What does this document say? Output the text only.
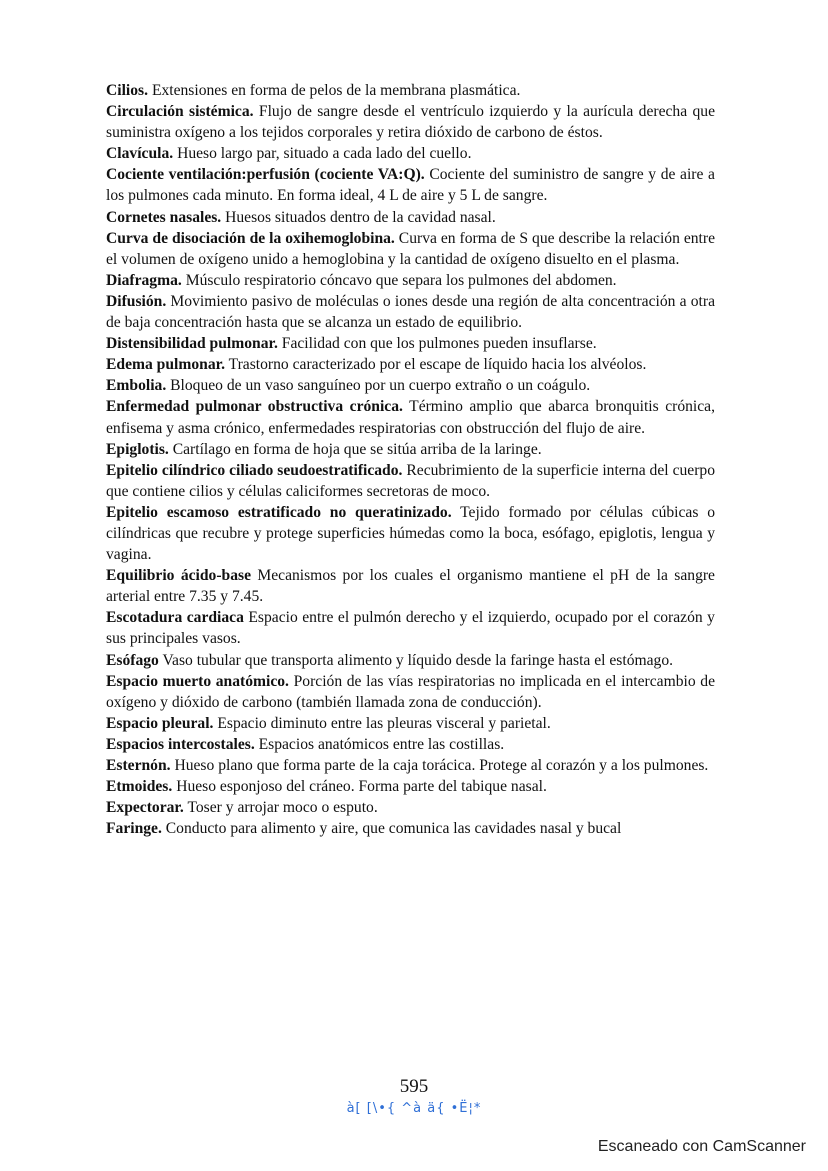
Cilios. Extensiones en forma de pelos de la membrana plasmática.

Circulación sistémica. Flujo de sangre desde el ventrículo izquierdo y la aurícula derecha que suministra oxígeno a los tejidos corporales y retira dióxido de carbono de éstos.

Clavícula. Hueso largo par, situado a cada lado del cuello.

Cociente ventilación:perfusión (cociente VA:Q). Cociente del suministro de sangre y de aire a los pulmones cada minuto. En forma ideal, 4 L de aire y 5 L de sangre.

Cornetes nasales. Huesos situados dentro de la cavidad nasal.

Curva de disociación de la oxihemoglobina. Curva en forma de S que describe la relación entre el volumen de oxígeno unido a hemoglobina y la cantidad de oxígeno disuelto en el plasma.

Diafragma. Músculo respiratorio cóncavo que separa los pulmones del abdomen.

Difusión. Movimiento pasivo de moléculas o iones desde una región de alta concentración a otra de baja concentración hasta que se alcanza un estado de equilibrio.

Distensibilidad pulmonar. Facilidad con que los pulmones pueden insuflarse.

Edema pulmonar. Trastorno caracterizado por el escape de líquido hacia los alvéolos.

Embolia. Bloqueo de un vaso sanguíneo por un cuerpo extraño o un coágulo.

Enfermedad pulmonar obstructiva crónica. Término amplio que abarca bronquitis crónica, enfisema y asma crónico, enfermedades respiratorias con obstrucción del flujo de aire.

Epiglotis. Cartílago en forma de hoja que se sitúa arriba de la laringe.

Epitelio cilíndrico ciliado seudoestratificado. Recubrimiento de la superficie interna del cuerpo que contiene cilios y células caliciformes secretoras de moco.

Epitelio escamoso estratificado no queratinizado. Tejido formado por células cúbicas o cilíndricas que recubre y protege superficies húmedas como la boca, esófago, epiglotis, lengua y vagina.

Equilibrio ácido-base Mecanismos por los cuales el organismo mantiene el pH de la sangre arterial entre 7.35 y 7.45.

Escotadura cardiaca Espacio entre el pulmón derecho y el izquierdo, ocupado por el corazón y sus principales vasos.

Esófago Vaso tubular que transporta alimento y líquido desde la faringe hasta el estómago.

Espacio muerto anatómico. Porción de las vías respiratorias no implicada en el intercambio de oxígeno y dióxido de carbono (también llamada zona de conducción).

Espacio pleural. Espacio diminuto entre las pleuras visceral y parietal.

Espacios intercostales. Espacios anatómicos entre las costillas.

Esternón. Hueso plano que forma parte de la caja torácica. Protege al corazón y a los pulmones.

Etmoides. Hueso esponjoso del cráneo. Forma parte del tabique nasal.

Expectorar. Toser y arrojar moco o esputo.

Faringe. Conducto para alimento y aire, que comunica las cavidades nasal y bucal

595
à[ [\•{ ^à ä{ •Ё¦*
Escaneado con CamScanner
